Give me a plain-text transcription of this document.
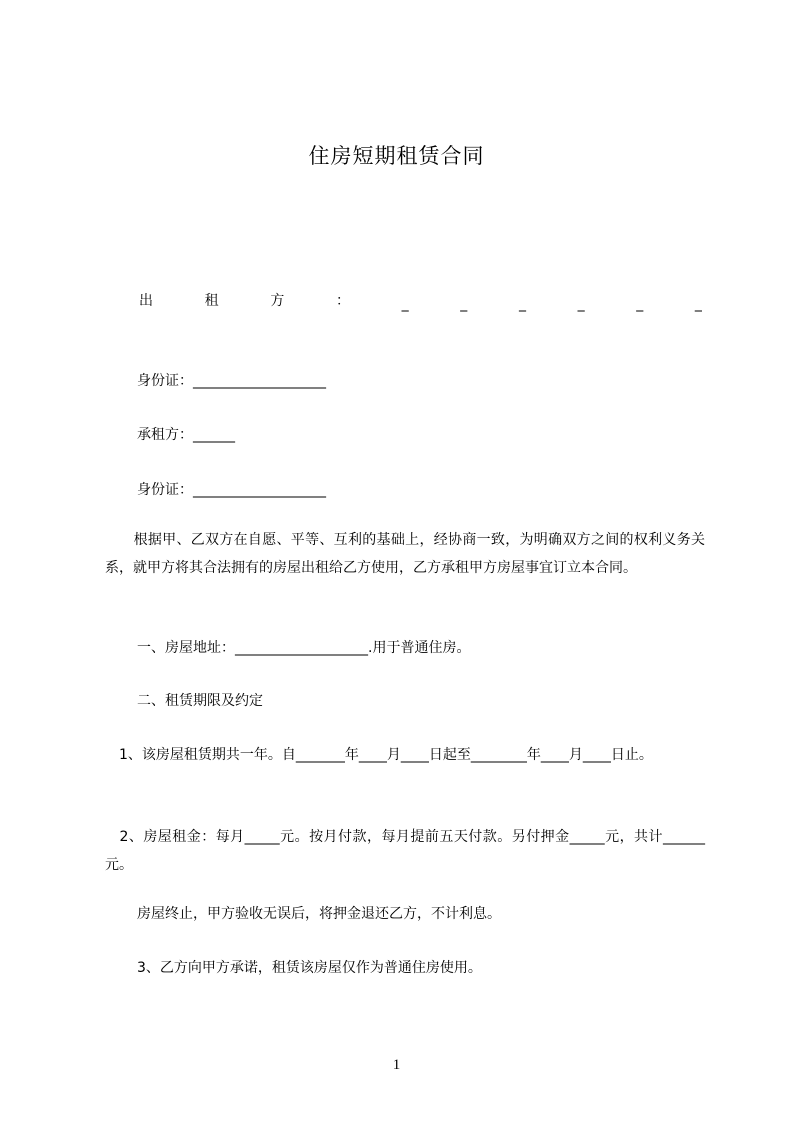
住房短期租赁合同
出	租	方	：	_	_	_	_	_	_
身份证：___________________
承租方：______
身份证：___________________
　　根据甲、乙双方在自愿、平等、互利的基础上，经协商一致，为明确双方之间的权利义务关系，就甲方将其合法拥有的房屋出租给乙方使用，乙方承租甲方房屋事宜订立本合同。
一、房屋地址：___________________.用于普通住房。
二、租赁期限及约定
　1、该房屋租赁期共一年。自_______年____月____日起至________年____月____日止。
　2、房屋租金：每月_____元。按月付款，每月提前五天付款。另付押金_____元，共计______元。
房屋终止，甲方验收无误后，将押金退还乙方，不计利息。
3、乙方向甲方承诺，租赁该房屋仅作为普通住房使用。
1
